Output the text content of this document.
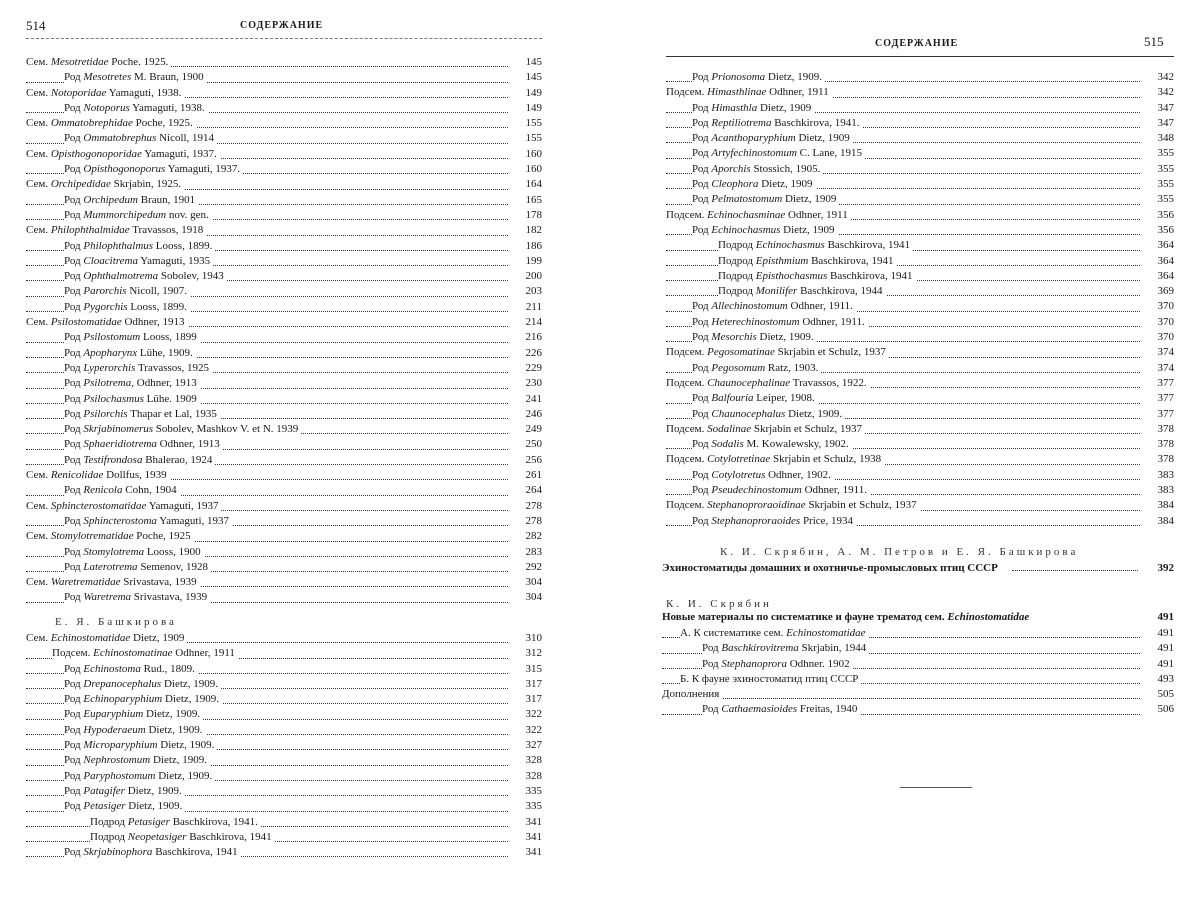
514	СОДЕРЖАНИЕ
Сем. Mesotretidae Poche. 1925.	145
Род Mesotretes M. Braun, 1900	145
Сем. Notoporidae Yamaguti, 1938.	149
Род Notoporus Yamaguti, 1938.	149
Сем. Ommatobrephidae Poche, 1925.	155
Род Ommatobrephus Nicoll, 1914	155
Сем. Opisthogonoporidae Yamaguti, 1937.	160
Род Opisthogonoporus Yamaguti, 1937.	160
Сем. Orchipedidae Skrjabin, 1925.	164
Род Orchipedum Braun, 1901	165
Род Mummorchipedum nov. gen.	178
Сем. Philophthalmidae Travassos, 1918	182
Род Philophthalmus Looss, 1899.	186
Род Cloacitrema Yamaguti, 1935	199
Род Ophthalmotrema Sobolev, 1943	200
Род Parorchis Nicoll, 1907.	203
Род Pygorchis Looss, 1899.	211
Сем. Psilostomatidae Odhner, 1913	214
Род Psilostomum Looss, 1899	216
Род Apopharynx Lühe, 1909.	226
Род Lyperorchis Travassos, 1925	229
Род Psilotrema, Odhner, 1913	230
Род Psilochasmus Lühe. 1909	241
Род Psilorchis Thapar et Lal, 1935	246
Род Skrjabinomerus Sobolev, Mashkov V. et N. 1939	249
Род Sphaeridiotrema Odhner, 1913	250
Род Testifrondosa Bhalerao, 1924	256
Сем. Renicolidae Dollfus, 1939	261
Род Renicola Cohn, 1904	264
Сем. Sphincterostomatidae Yamaguti, 1937	278
Род Sphincterostoma Yamaguti, 1937	278
Сем. Stomylotrematidae Poche, 1925	282
Род Stomylotrema Looss, 1900	283
Род Laterotrema Semenov, 1928	292
Сем. Waretrematidae Srivastava, 1939	304
Род Waretrema Srivastava, 1939	304
Е. Я. Башкирова
Сем. Echinostomatidae Dietz, 1909	310
Подсем. Echinostomatinae Odhner, 1911	312
Род Echinostoma Rud., 1809.	315
Род Drepanocephalus Dietz, 1909.	317
Род Echinoparyphium Dietz, 1909.	317
Род Euparyphium Dietz, 1909.	322
Род Hypoderaeum Dietz, 1909.	322
Род Microparyphium Dietz, 1909.	327
Род Nephrostomum Dietz, 1909.	328
Род Paryphostomum Dietz, 1909.	328
Род Patagifer Dietz, 1909.	335
Род Petasiger Dietz, 1909.	335
Подрод Petasiger Baschkirova, 1941.	341
Подрод Neopetasiger Baschkirova, 1941	341
Род Skrjabinophora Baschkirova, 1941	341
СОДЕРЖАНИЕ	515
Род Prionosoma Dietz, 1909.	342
Подсем. Himasthlinae Odhner, 1911	342
Род Himasthla Dietz, 1909	347
Род Reptiliotrema Baschkirova, 1941.	347
Род Acanthoparyphium Dietz, 1909	348
Род Artyfechinostomum C. Lane, 1915	355
Род Aporchis Stossich, 1905.	355
Род Cleophora Dietz, 1909	355
Род Pelmatostomum Dietz, 1909	355
Подсем. Echinochasminae Odhner, 1911	356
Род Echinochasmus Dietz, 1909	356
Подрод Echinochasmus Baschkirova, 1941	364
Подрод Episthmium Baschkirova, 1941	364
Подрод Episthochasmus Baschkirova, 1941	364
Подрод Monilifer Baschkirova, 1944	369
Род Allechinostomum Odhner, 1911.	370
Род Heterechinostomum Odhner, 1911.	370
Род Mesorchis Dietz, 1909.	370
Подсем. Pegosomatinae Skrjabin et Schulz, 1937	374
Род Pegosomum Ratz, 1903.	374
Подсем. Chaunocephalinae Travassos, 1922.	377
Род Balfouria Leiper, 1908.	377
Род Chaunocephalus Dietz, 1909.	377
Подсем. Sodalinae Skrjabin et Schulz, 1937	378
Род Sodalis M. Kowalewsky, 1902.	378
Подсем. Cotylotretinae Skrjabin et Schulz, 1938	378
Род Cotylotretus Odhner, 1902.	383
Род Pseudechinostomum Odhner, 1911.	383
Подсем. Stephanoproraoidinae Skrjabin et Schulz, 1937	384
Род Stephanoproraoides Price, 1934	384
К. И. Скрябин, А. М. Петров и Е. Я. Башкирова
Эхиностоматиды домашних и охотничье-промысловых птиц СССР	392
К. И. Скрябин
Новые материалы по систематике и фауне трематод сем. Echinostomatidae	491
А. К систематике сем. Echinostomatidae	491
Род Baschkirovitrema Skrjabin, 1944	491
Род Stephanoprora Odhner. 1902	491
Б. К фауне эхиностоматид птиц СССР	493
Дополнения	505
Род Cathaemasioides Freitas, 1940	506
